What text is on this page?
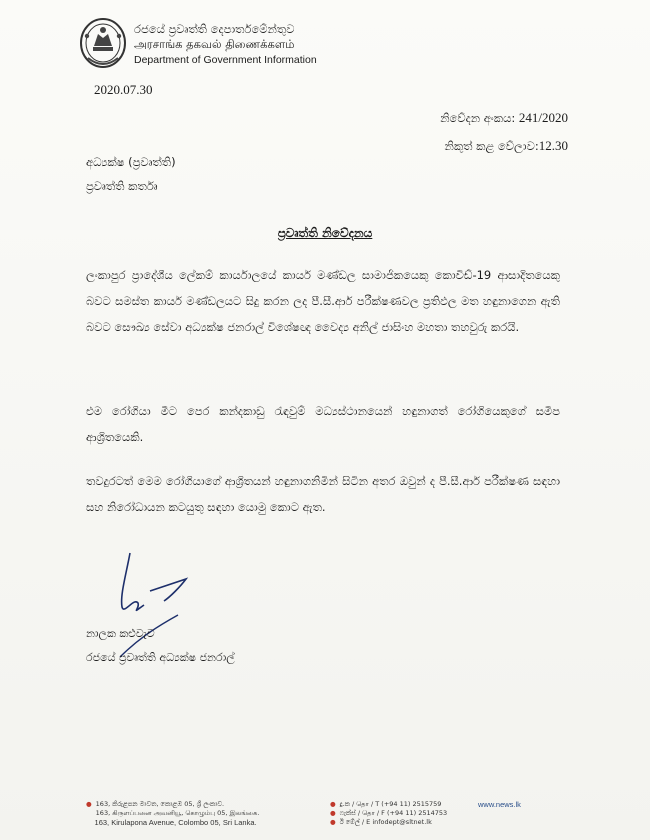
රජයේ ප්‍රවෘත්ති දෙපාර්තමේන්තුව
அரசாங்க தகவல் திணைக்களம்
Department of Government Information
2020.07.30
නිවේදන අංකය: 241/2020
නිකුත් කළ වේලාව:12.30
අධ්‍යක්ෂ (ප්‍රවෘත්ති)
ප්‍රවෘත්ති කර්තෘ
ප්‍රවෘත්ති නිවේදනය
ලංකාපුර ප්‍රාදේශීය ලේකම් කාර්යාලයේ කාර්ය මණ්ඩල සාමාජිකයෙකු කොවිඩ්-19 ආසාදිතයෙකු බවට සමස්ත කාර්ය මණ්ඩලයට සිදු කරන ලද පී.සී.ආර් පරීක්ෂණවල ප්‍රතිඵල මත හඳුනාගෙන ඇති බවට සෞඛ්‍ය සේවා අධ්‍යක්ෂ ජනරාල් විශේෂඥ වෛද්‍ය අනිල් ජාසිංහ මහතා තහවුරු කරයි.
එම රෝගියා මීට පෙර කන්දකාඩු රැඳවුම් මධ්‍යස්ථානයෙන් හඳුනාගත් රෝගියෙකුගේ සමීප ආශ්‍රිතයෙකි.
තවදුරටත් මෙම රෝගියාගේ ආශ්‍රිතයන් හඳුනාගනිමින් සිටින අතර ඔවුන් ද පී.සී.ආර් පරීක්ෂණ සඳහා සහ නිරෝධායන කටයුතු සඳහා යොමු කොට ඇත.
නාලක කළුවැව
රජයේ ප්‍රවෘත්ති අධ්‍යක්ෂ ජනරාල්
● 163, කිරුළපන මාවත, කොළඹ 05, ශ්‍රී ලංකාව.
163, கிருளப்பனை அவனியூ, கொழும்பு 05, இலங்கை.
163, Kirulapona Avenue, Colombo 05, Sri Lanka.
● දු.ක / தொ / T (+94 11) 2515759
● ෆැක්ස් / தொ / F (+94 11) 2514753
● ඊ මේල් / E infodept@sltnet.lk
www.news.lk
